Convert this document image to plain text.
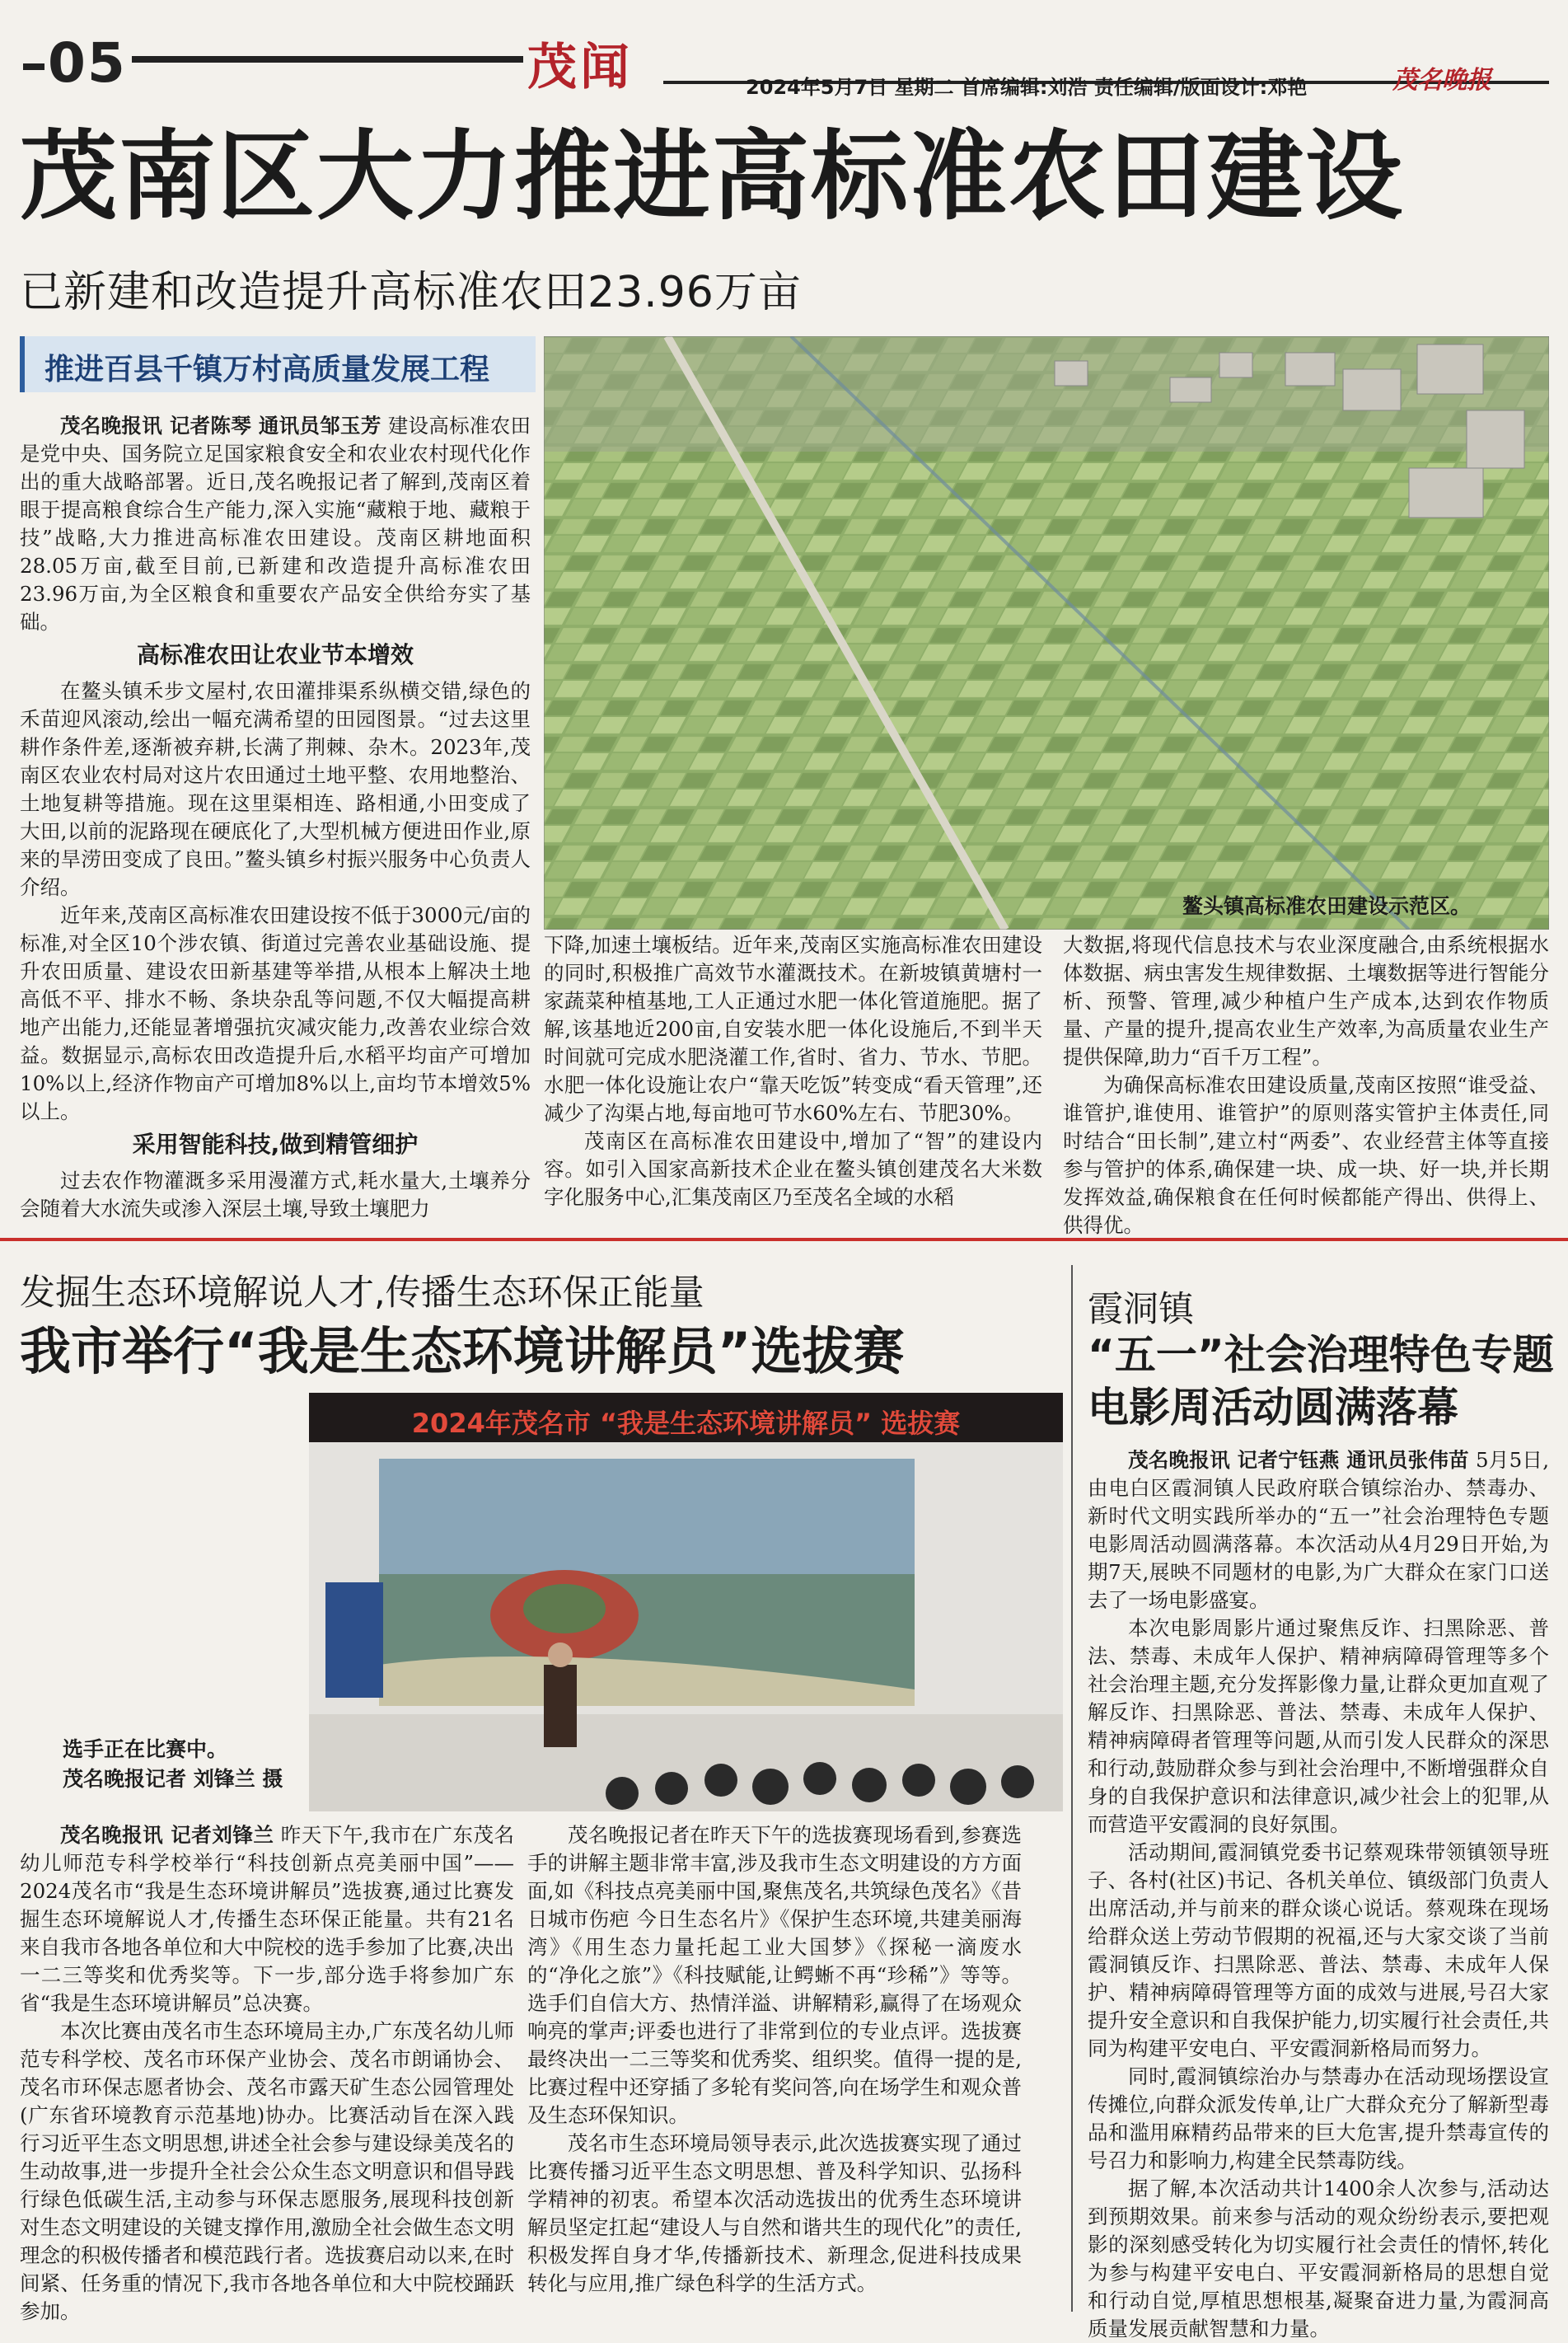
05	茂闻	2024年5月7日 星期二 首席编辑:刘浩 责任编辑/版面设计:邓艳	茂名晚报
茂南区大力推进高标准农田建设
已新建和改造提升高标准农田23.96万亩
推进百县千镇万村高质量发展工程

茂名晚报讯 记者陈琴 通讯员邹玉芳 建设高标准农田是党中央、国务院立足国家粮食安全和农业农村现代化作出的重大战略部署。近日,茂名晚报记者了解到,茂南区着眼于提高粮食综合生产能力,深入实施“藏粮于地、藏粮于技”战略,大力推进高标准农田建设。茂南区耕地面积28.05万亩,截至目前,已新建和改造提升高标准农田23.96万亩,为全区粮食和重要农产品安全供给夯实了基础。

高标准农田让农业节本增效

在鳌头镇禾步文屋村,农田灌排渠系纵横交错,绿色的禾苗迎风滚动,绘出一幅充满希望的田园图景。“过去这里耕作条件差,逐渐被弃耕,长满了荆棘、杂木。2023年,茂南区农业农村局对这片农田通过土地平整、农用地整治、土地复耕等措施。现在这里渠相连、路相通,小田变成了大田,以前的泥路现在硬底化了,大型机械方便进田作业,原来的旱涝田变成了良田。”鳌头镇乡村振兴服务中心负责人介绍。

近年来,茂南区高标准农田建设按不低于3000元/亩的标准,对全区10个涉农镇、街道过完善农业基础设施、提升农田质量、建设农田新基建等举措,从根本上解决土地高低不平、排水不畅、条块杂乱等问题,不仅大幅提高耕地产出能力,还能显著增强抗灾减灾能力,改善农业综合效益。数据显示,高标农田改造提升后,水稻平均亩产可增加10%以上,经济作物亩产可增加8%以上,亩均节本增效5%以上。

采用智能科技,做到精管细护

过去农作物灌溉多采用漫灌方式,耗水量大,土壤养分会随着大水流失或渗入深层土壤,导致土壤肥力

鳌头镇高标准农田建设示范区。

下降,加速土壤板结。近年来,茂南区实施高标准农田建设的同时,积极推广高效节水灌溉技术。在新坡镇黄塘村一家蔬菜种植基地,工人正通过水肥一体化管道施肥。据了解,该基地近200亩,自安装水肥一体化设施后,不到半天时间就可完成水肥浇灌工作,省时、省力、节水、节肥。水肥一体化设施让农户“靠天吃饭”转变成“看天管理”,还减少了沟渠占地,每亩地可节水60%左右、节肥30%。

茂南区在高标准农田建设中,增加了“智”的建设内容。如引入国家高新技术企业在鳌头镇创建茂名大米数字化服务中心,汇集茂南区乃至茂名全域的水稻

大数据,将现代信息技术与农业深度融合,由系统根据水体数据、病虫害发生规律数据、土壤数据等进行智能分析、预警、管理,减少种植户生产成本,达到农作物质量、产量的提升,提高农业生产效率,为高质量农业生产提供保障,助力“百千万工程”。

为确保高标准农田建设质量,茂南区按照“谁受益、谁管护,谁使用、谁管护”的原则落实管护主体责任,同时结合“田长制”,建立村“两委”、农业经营主体等直接参与管护的体系,确保建一块、成一块、好一块,并长期发挥效益,确保粮食在任何时候都能产得出、供得上、供得优。

发掘生态环境解说人才,传播生态环保正能量
我市举行“我是生态环境讲解员”选拔赛
2024年茂名市 “我是生态环境讲解员” 选拔赛
选手正在比赛中。
茂名晚报记者 刘锋兰 摄

茂名晚报讯 记者刘锋兰 昨天下午,我市在广东茂名幼儿师范专科学校举行“科技创新点亮美丽中国”——2024茂名市“我是生态环境讲解员”选拔赛,通过比赛发掘生态环境解说人才,传播生态环保正能量。共有21名来自我市各地各单位和大中院校的选手参加了比赛,决出一二三等奖和优秀奖等。下一步,部分选手将参加广东省“我是生态环境讲解员”总决赛。

本次比赛由茂名市生态环境局主办,广东茂名幼儿师范专科学校、茂名市环保产业协会、茂名市朗诵协会、茂名市环保志愿者协会、茂名市露天矿生态公园管理处(广东省环境教育示范基地)协办。比赛活动旨在深入践行习近平生态文明思想,讲述全社会参与建设绿美茂名的生动故事,进一步提升全社会公众生态文明意识和倡导践行绿色低碳生活,主动参与环保志愿服务,展现科技创新对生态文明建设的关键支撑作用,激励全社会做生态文明理念的积极传播者和模范践行者。选拔赛启动以来,在时间紧、任务重的情况下,我市各地各单位和大中院校踊跃参加。

茂名晚报记者在昨天下午的选拔赛现场看到,参赛选手的讲解主题非常丰富,涉及我市生态文明建设的方方面面,如《科技点亮美丽中国,聚焦茂名,共筑绿色茂名》《昔日城市伤疤 今日生态名片》《保护生态环境,共建美丽海湾》《用生态力量托起工业大国梦》《探秘一滴废水的“净化之旅”》《科技赋能,让鳄蜥不再“珍稀”》等等。选手们自信大方、热情洋溢、讲解精彩,赢得了在场观众响亮的掌声;评委也进行了非常到位的专业点评。选拔赛最终决出一二三等奖和优秀奖、组织奖。值得一提的是,比赛过程中还穿插了多轮有奖问答,向在场学生和观众普及生态环保知识。

茂名市生态环境局领导表示,此次选拔赛实现了通过比赛传播习近平生态文明思想、普及科学知识、弘扬科学精神的初衷。希望本次活动选拔出的优秀生态环境讲解员坚定扛起“建设人与自然和谐共生的现代化”的责任,积极发挥自身才华,传播新技术、新理念,促进科技成果转化与应用,推广绿色科学的生活方式。

霞洞镇
“五一”社会治理特色专题电影周活动圆满落幕

茂名晚报讯 记者宁钰燕 通讯员张伟苗 5月5日,由电白区霞洞镇人民政府联合镇综治办、禁毒办、新时代文明实践所举办的“五一”社会治理特色专题电影周活动圆满落幕。本次活动从4月29日开始,为期7天,展映不同题材的电影,为广大群众在家门口送去了一场电影盛宴。

本次电影周影片通过聚焦反诈、扫黑除恶、普法、禁毒、未成年人保护、精神病障碍管理等多个社会治理主题,充分发挥影像力量,让群众更加直观了解反诈、扫黑除恶、普法、禁毒、未成年人保护、精神病障碍者管理等问题,从而引发人民群众的深思和行动,鼓励群众参与到社会治理中,不断增强群众自身的自我保护意识和法律意识,减少社会上的犯罪,从而营造平安霞洞的良好氛围。

活动期间,霞洞镇党委书记蔡观珠带领镇领导班子、各村(社区)书记、各机关单位、镇级部门负责人出席活动,并与前来的群众谈心说话。蔡观珠在现场给群众送上劳动节假期的祝福,还与大家交谈了当前霞洞镇反诈、扫黑除恶、普法、禁毒、未成年人保护、精神病障碍管理等方面的成效与进展,号召大家提升安全意识和自我保护能力,切实履行社会责任,共同为构建平安电白、平安霞洞新格局而努力。

同时,霞洞镇综治办与禁毒办在活动现场摆设宣传摊位,向群众派发传单,让广大群众充分了解新型毒品和滥用麻精药品带来的巨大危害,提升禁毒宣传的号召力和影响力,构建全民禁毒防线。

据了解,本次活动共计1400余人次参与,活动达到预期效果。前来参与活动的观众纷纷表示,要把观影的深刻感受转化为切实履行社会责任的情怀,转化为参与构建平安电白、平安霞洞新格局的思想自觉和行动自觉,厚植思想根基,凝聚奋进力量,为霞洞高质量发展贡献智慧和力量。
